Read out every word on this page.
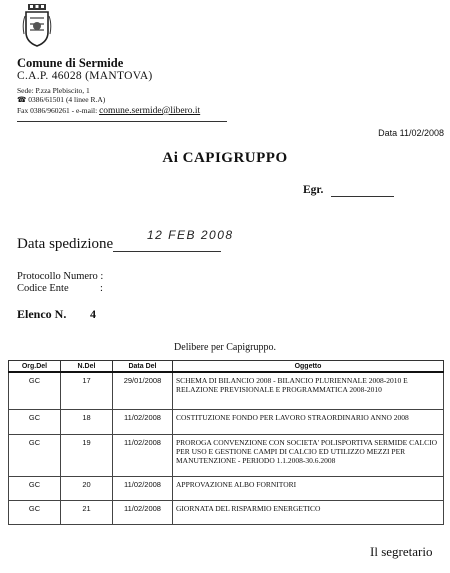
Comune di Sermide
C.A.P. 46028 (MANTOVA)
Sede: P.zza Plebiscito, 1
☎ 0386/61501 (4 linee R.A)
Fax 0386/960261 - e-mail: comune.sermide@libero.it
Data 11/02/2008
Ai CAPIGRUPPO
Egr.
Data spedizione
12 FEB 2008
Protocollo Numero :
Codice Ente	:
Elenco N. 4
Delibere per Capigruppo.
Org.Del	N.Del	Data Del	Oggetto
GC	17	29/01/2008	SCHEMA DI BILANCIO 2008 - BILANCIO PLURIENNALE 2008-2010 E RELAZIONE PREVISIONALE E PROGRAMMATICA 2008-2010
GC	18	11/02/2008	COSTITUZIONE FONDO PER LAVORO STRAORDINARIO ANNO 2008
GC	19	11/02/2008	PROROGA CONVENZIONE CON SOCIETA' POLISPORTIVA SERMIDE CALCIO PER USO E GESTIONE CAMPI DI CALCIO ED UTILIZZO MEZZI PER MANUTENZIONE - PERIODO 1.1.2008-30.6.2008
GC	20	11/02/2008	APPROVAZIONE ALBO FORNITORI
GC	21	11/02/2008	GIORNATA DEL RISPARMIO ENERGETICO
Il segretario
